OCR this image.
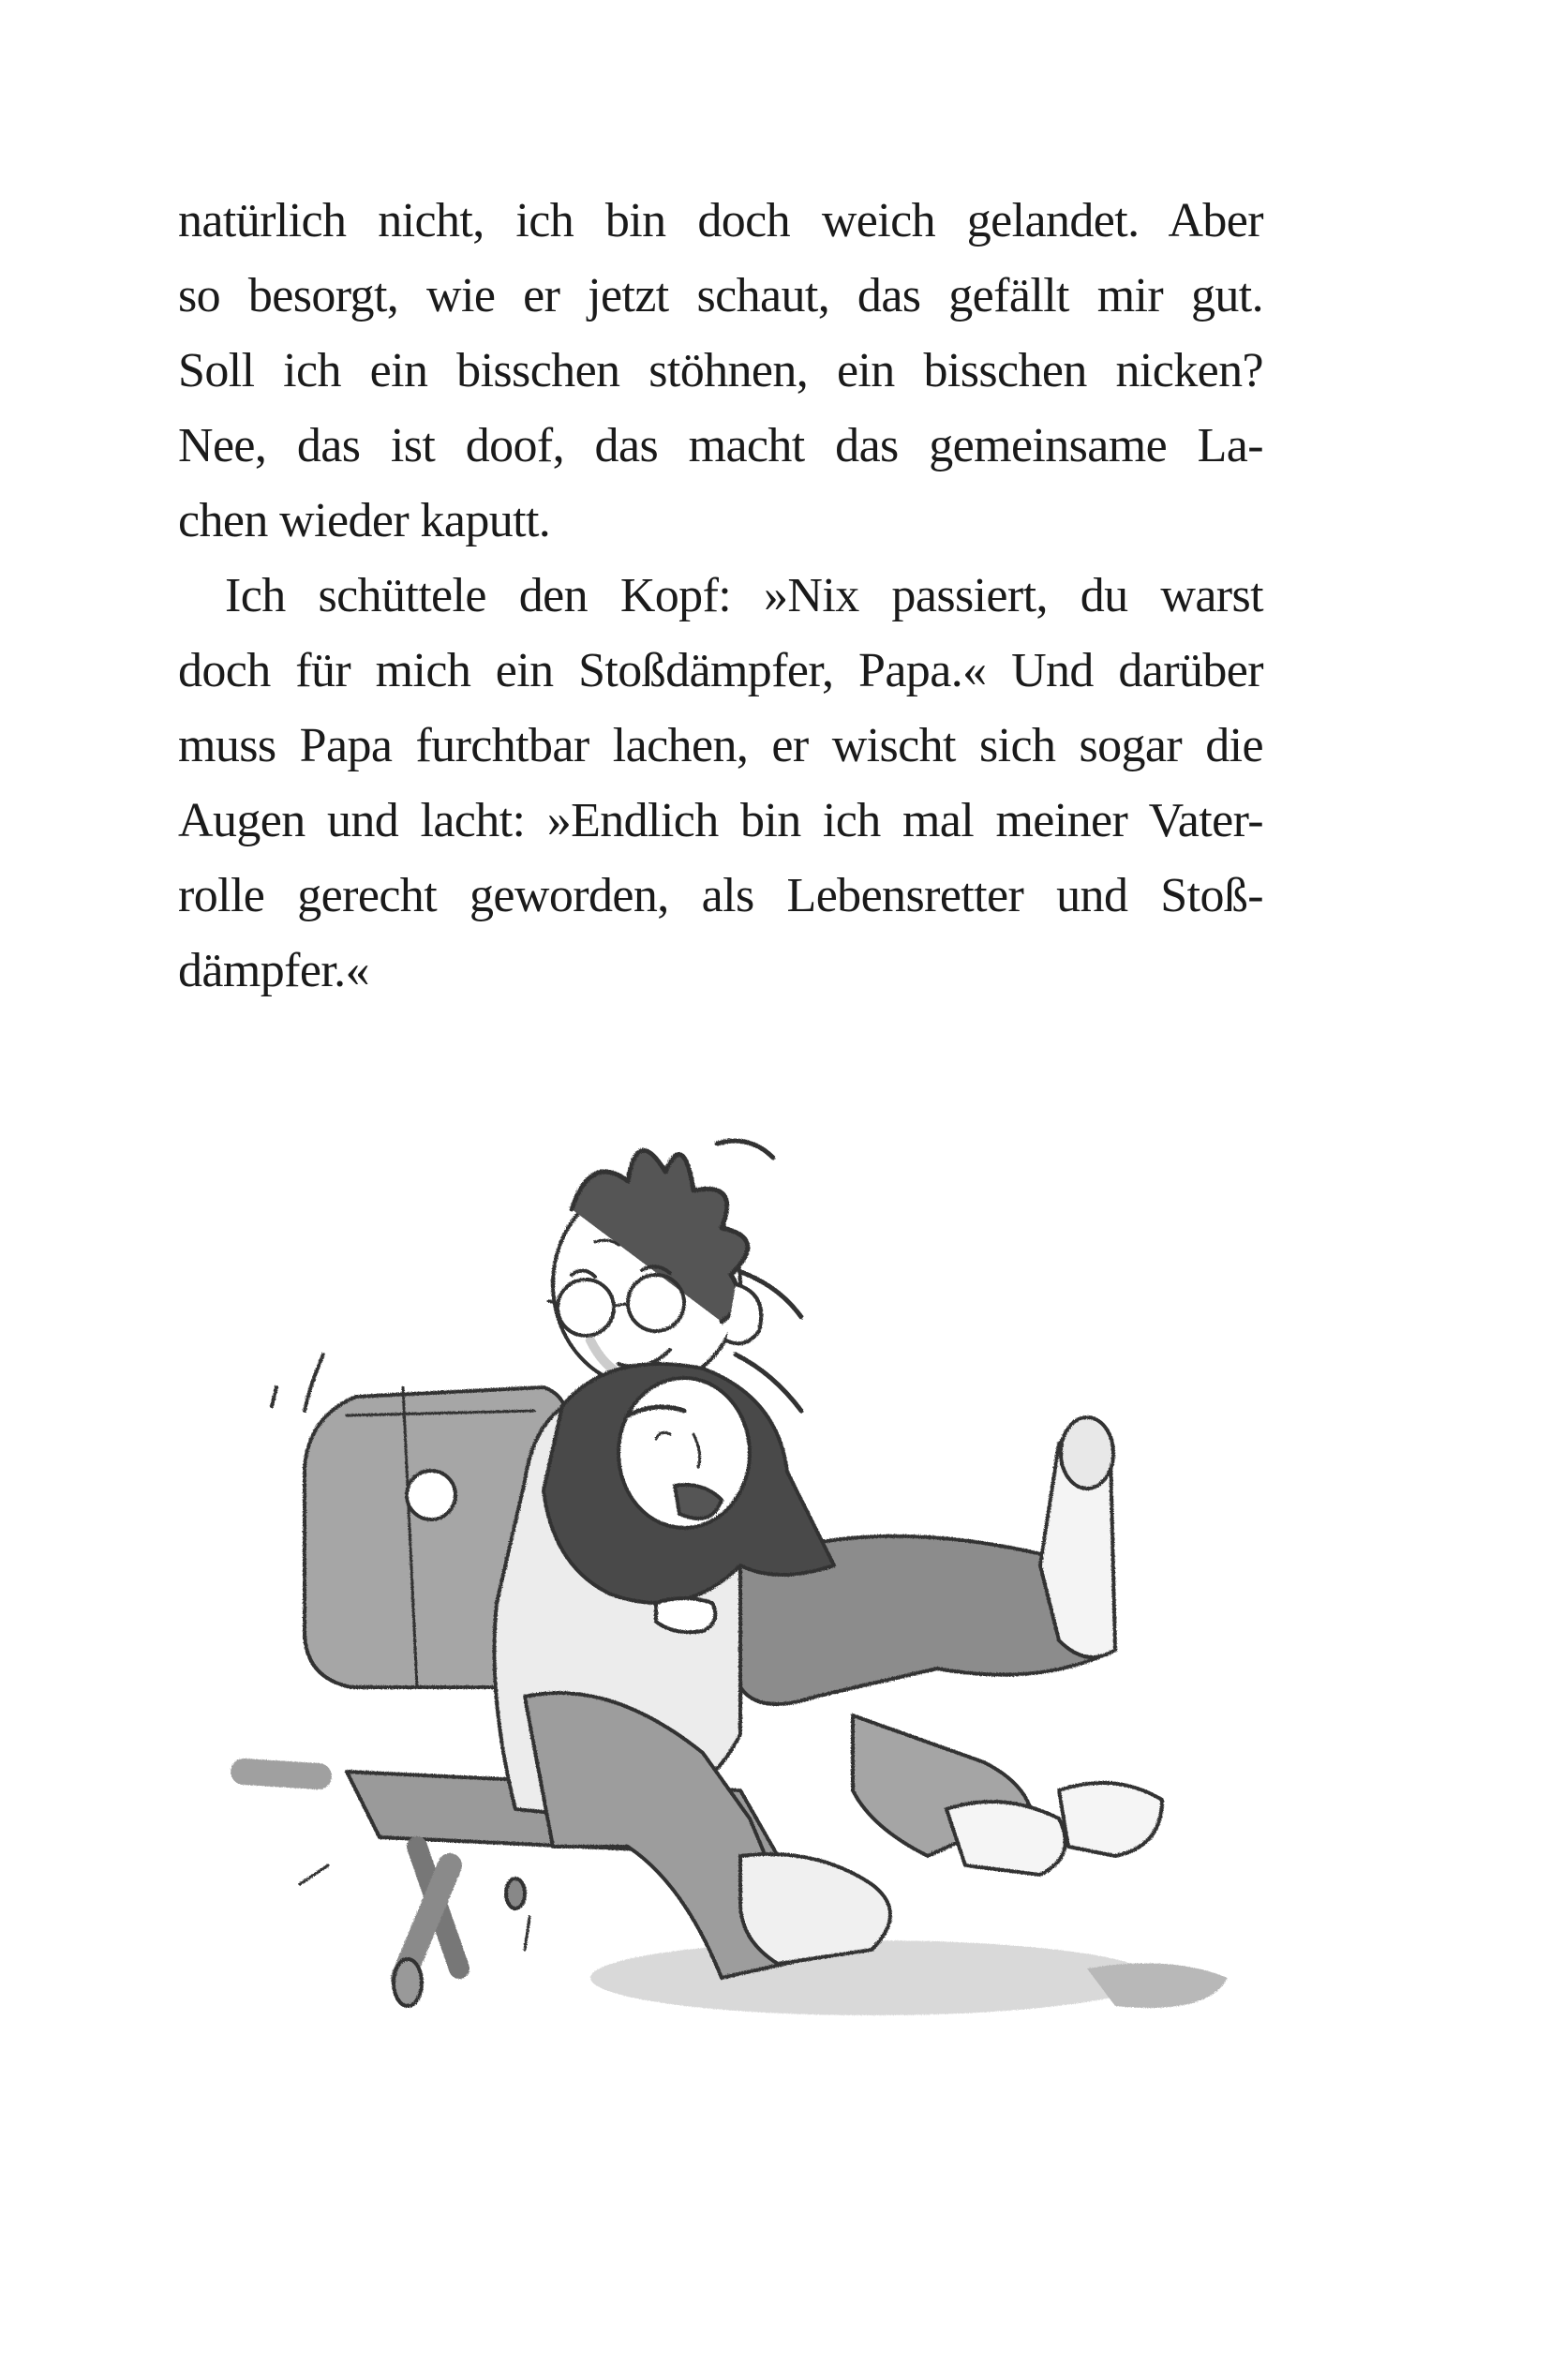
natürlich nicht, ich bin doch weich gelandet. Aber
so besorgt, wie er jetzt schaut, das gefällt mir gut.
Soll ich ein bisschen stöhnen, ein bisschen nicken?
Nee, das ist doof, das macht das gemeinsame La-
chen wieder kaputt.
Ich schüttele den Kopf: »Nix passiert, du warst
doch für mich ein Stoßdämpfer, Papa.« Und darüber
muss Papa furchtbar lachen, er wischt sich sogar die
Augen und lacht: »Endlich bin ich mal meiner Vater-
rolle gerecht geworden, als Lebensretter und Stoß-
dämpfer.«
